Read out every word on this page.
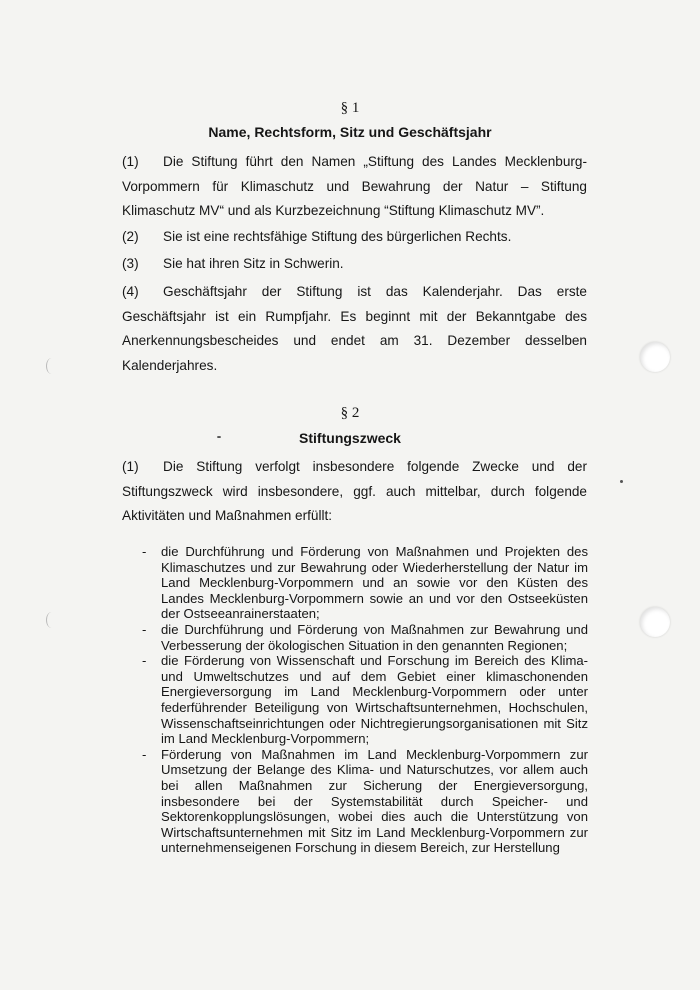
§ 1
Name, Rechtsform, Sitz und Geschäftsjahr

(1) Die Stiftung führt den Namen „Stiftung des Landes Mecklenburg-Vorpommern für Klimaschutz und Bewahrung der Natur – Stiftung Klimaschutz MV“ und als Kurzbezeichnung “Stiftung Klimaschutz MV”.

(2) Sie ist eine rechtsfähige Stiftung des bürgerlichen Rechts.

(3) Sie hat ihren Sitz in Schwerin.

(4) Geschäftsjahr der Stiftung ist das Kalenderjahr. Das erste Geschäftsjahr ist ein Rumpfjahr. Es beginnt mit der Bekanntgabe des Anerkennungsbescheides und endet am 31. Dezember desselben Kalenderjahres.

§ 2
Stiftungszweck

(1) Die Stiftung verfolgt insbesondere folgende Zwecke und der Stiftungszweck wird insbesondere, ggf. auch mittelbar, durch folgende Aktivitäten und Maßnahmen erfüllt:

- die Durchführung und Förderung von Maßnahmen und Projekten des Klimaschutzes und zur Bewahrung oder Wiederherstellung der Natur im Land Mecklenburg-Vorpommern und an sowie vor den Küsten des Landes Mecklenburg-Vorpommern sowie an und vor den Ostseeküsten der Ostseeanrainerstaaten;
- die Durchführung und Förderung von Maßnahmen zur Bewahrung und Verbesserung der ökologischen Situation in den genannten Regionen;
- die Förderung von Wissenschaft und Forschung im Bereich des Klima- und Umweltschutzes und auf dem Gebiet einer klimaschonenden Energieversorgung im Land Mecklenburg-Vorpommern oder unter federführender Beteiligung von Wirtschaftsunternehmen, Hochschulen, Wissenschaftseinrichtungen oder Nichtregierungsorganisationen mit Sitz im Land Mecklenburg-Vorpommern;
- Förderung von Maßnahmen im Land Mecklenburg-Vorpommern zur Umsetzung der Belange des Klima- und Naturschutzes, vor allem auch bei allen Maßnahmen zur Sicherung der Energieversorgung, insbesondere bei der Systemstabilität durch Speicher- und Sektorenkopplungslösungen, wobei dies auch die Unterstützung von Wirtschaftsunternehmen mit Sitz im Land Mecklenburg-Vorpommern zur unternehmenseigenen Forschung in diesem Bereich, zur Herstellung
